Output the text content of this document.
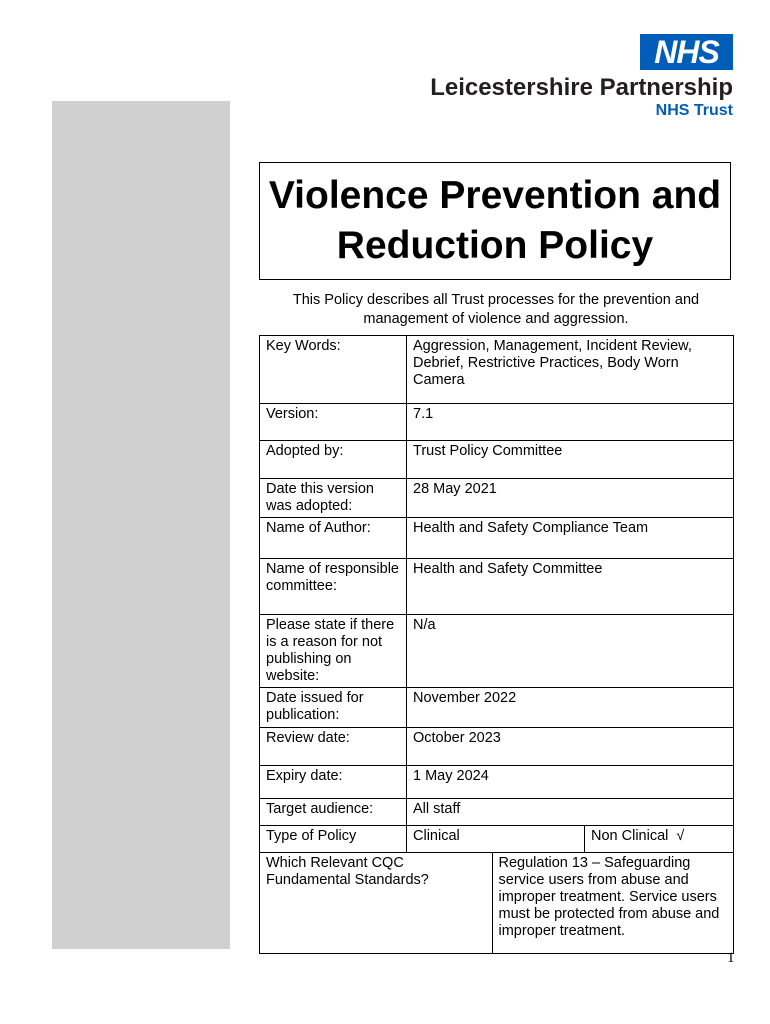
NHS
Leicestershire Partnership
NHS Trust
Violence Prevention and Reduction Policy
This Policy describes all Trust processes for the prevention and management of violence and aggression.
Key Words:	Aggression, Management, Incident Review, Debrief, Restrictive Practices, Body Worn Camera
Version:	7.1
Adopted by:	Trust Policy Committee
Date this version was adopted:	28 May 2021
Name of Author:	Health and Safety Compliance Team
Name of responsible committee:	Health and Safety Committee
Please state if there is a reason for not publishing on website:	N/a
Date issued for publication:	November 2022
Review date:	October 2023
Expiry date:	1 May 2024
Target audience:	All staff
Type of Policy	Clinical	Non Clinical  √

Which Relevant CQC Fundamental Standards?	Regulation 13 – Safeguarding service users from abuse and improper treatment. Service users must be protected from abuse and improper treatment.
1
